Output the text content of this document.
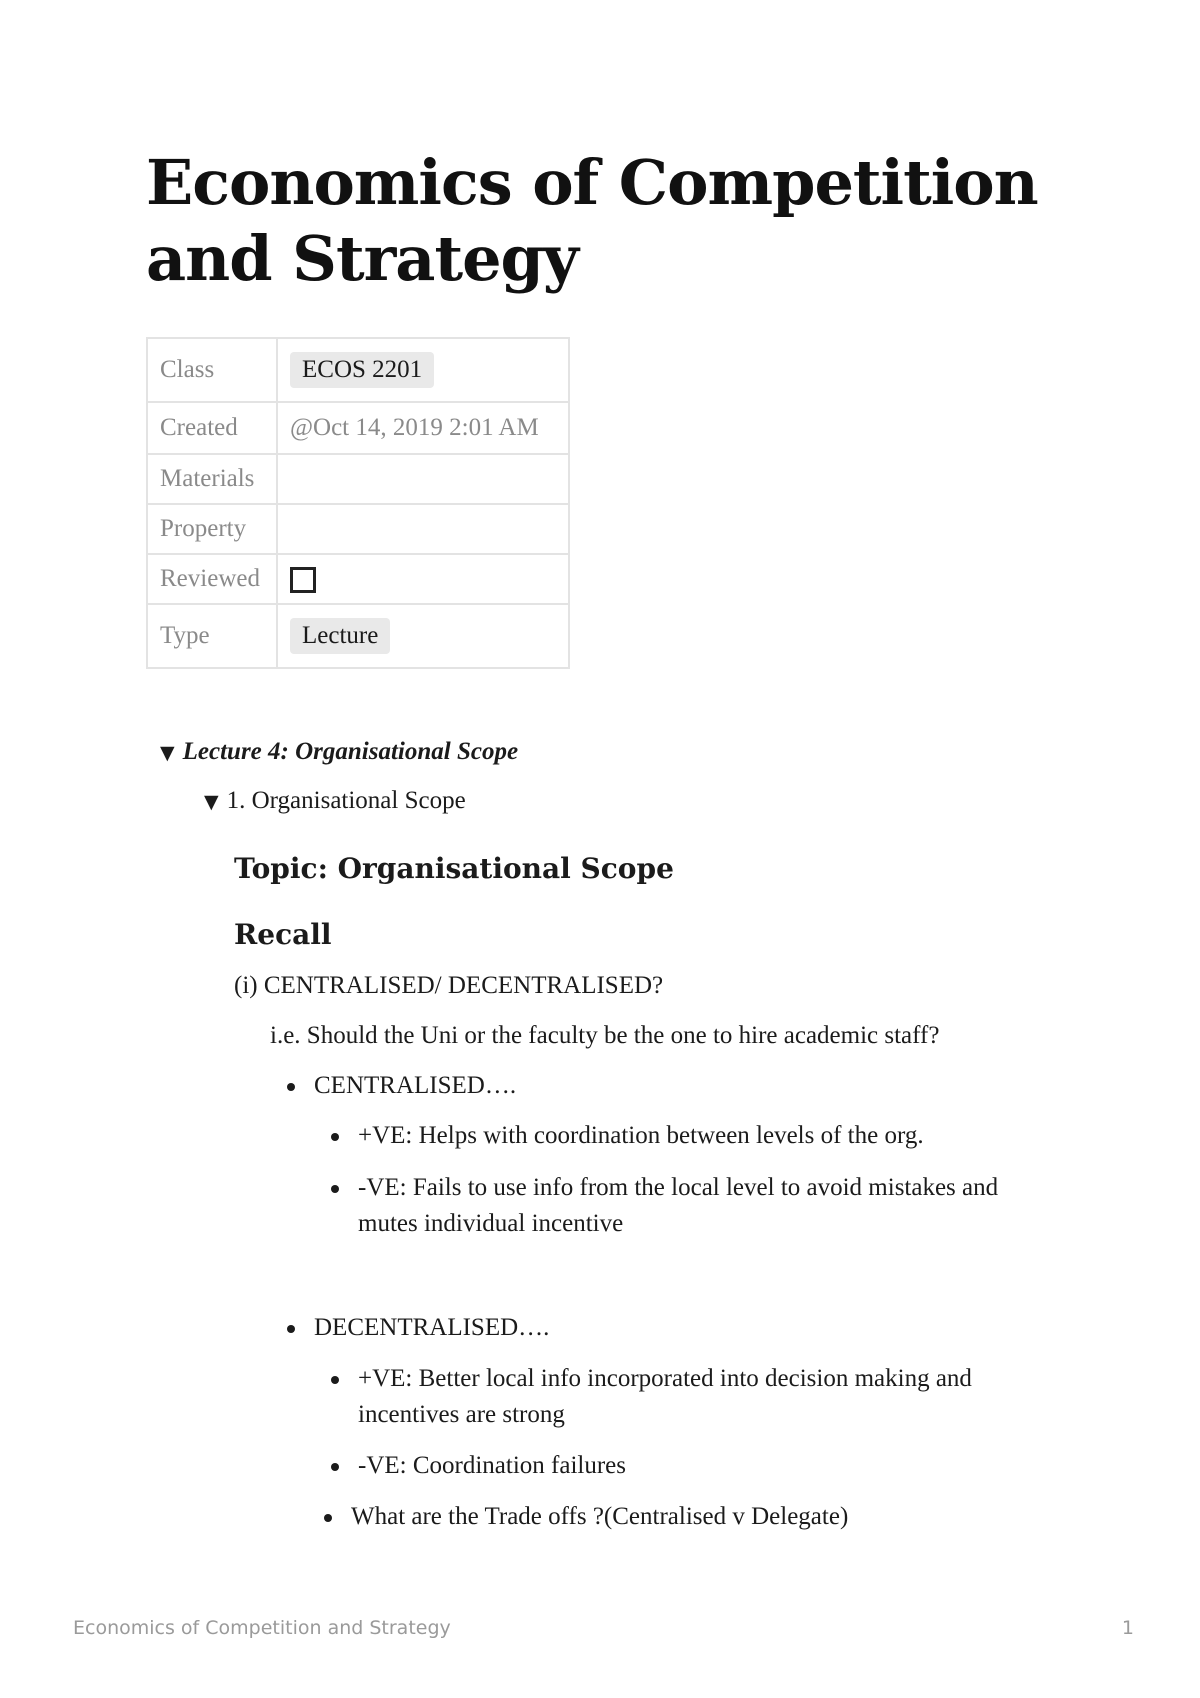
Economics of Competition and Strategy
Class	ECOS 2201
Created	@Oct 14, 2019 2:01 AM
Materials	
Property	
Reviewed	
Type	Lecture
▼ Lecture 4: Organisational Scope
▼ 1. Organisational Scope
Topic: Organisational Scope
Recall

(i) CENTRALISED/ DECENTRALISED?

i.e. Should the Uni or the faculty be the one to hire academic staff?

CENTRALISED….
+VE: Helps with coordination between levels of the org.
-VE: Fails to use info from the local level to avoid mistakes and mutes individual incentive
DECENTRALISED….
+VE: Better local info incorporated into decision making and incentives are strong
-VE: Coordination failures
What are the Trade offs ?(Centralised v Delegate)
Economics of Competition and Strategy	1
